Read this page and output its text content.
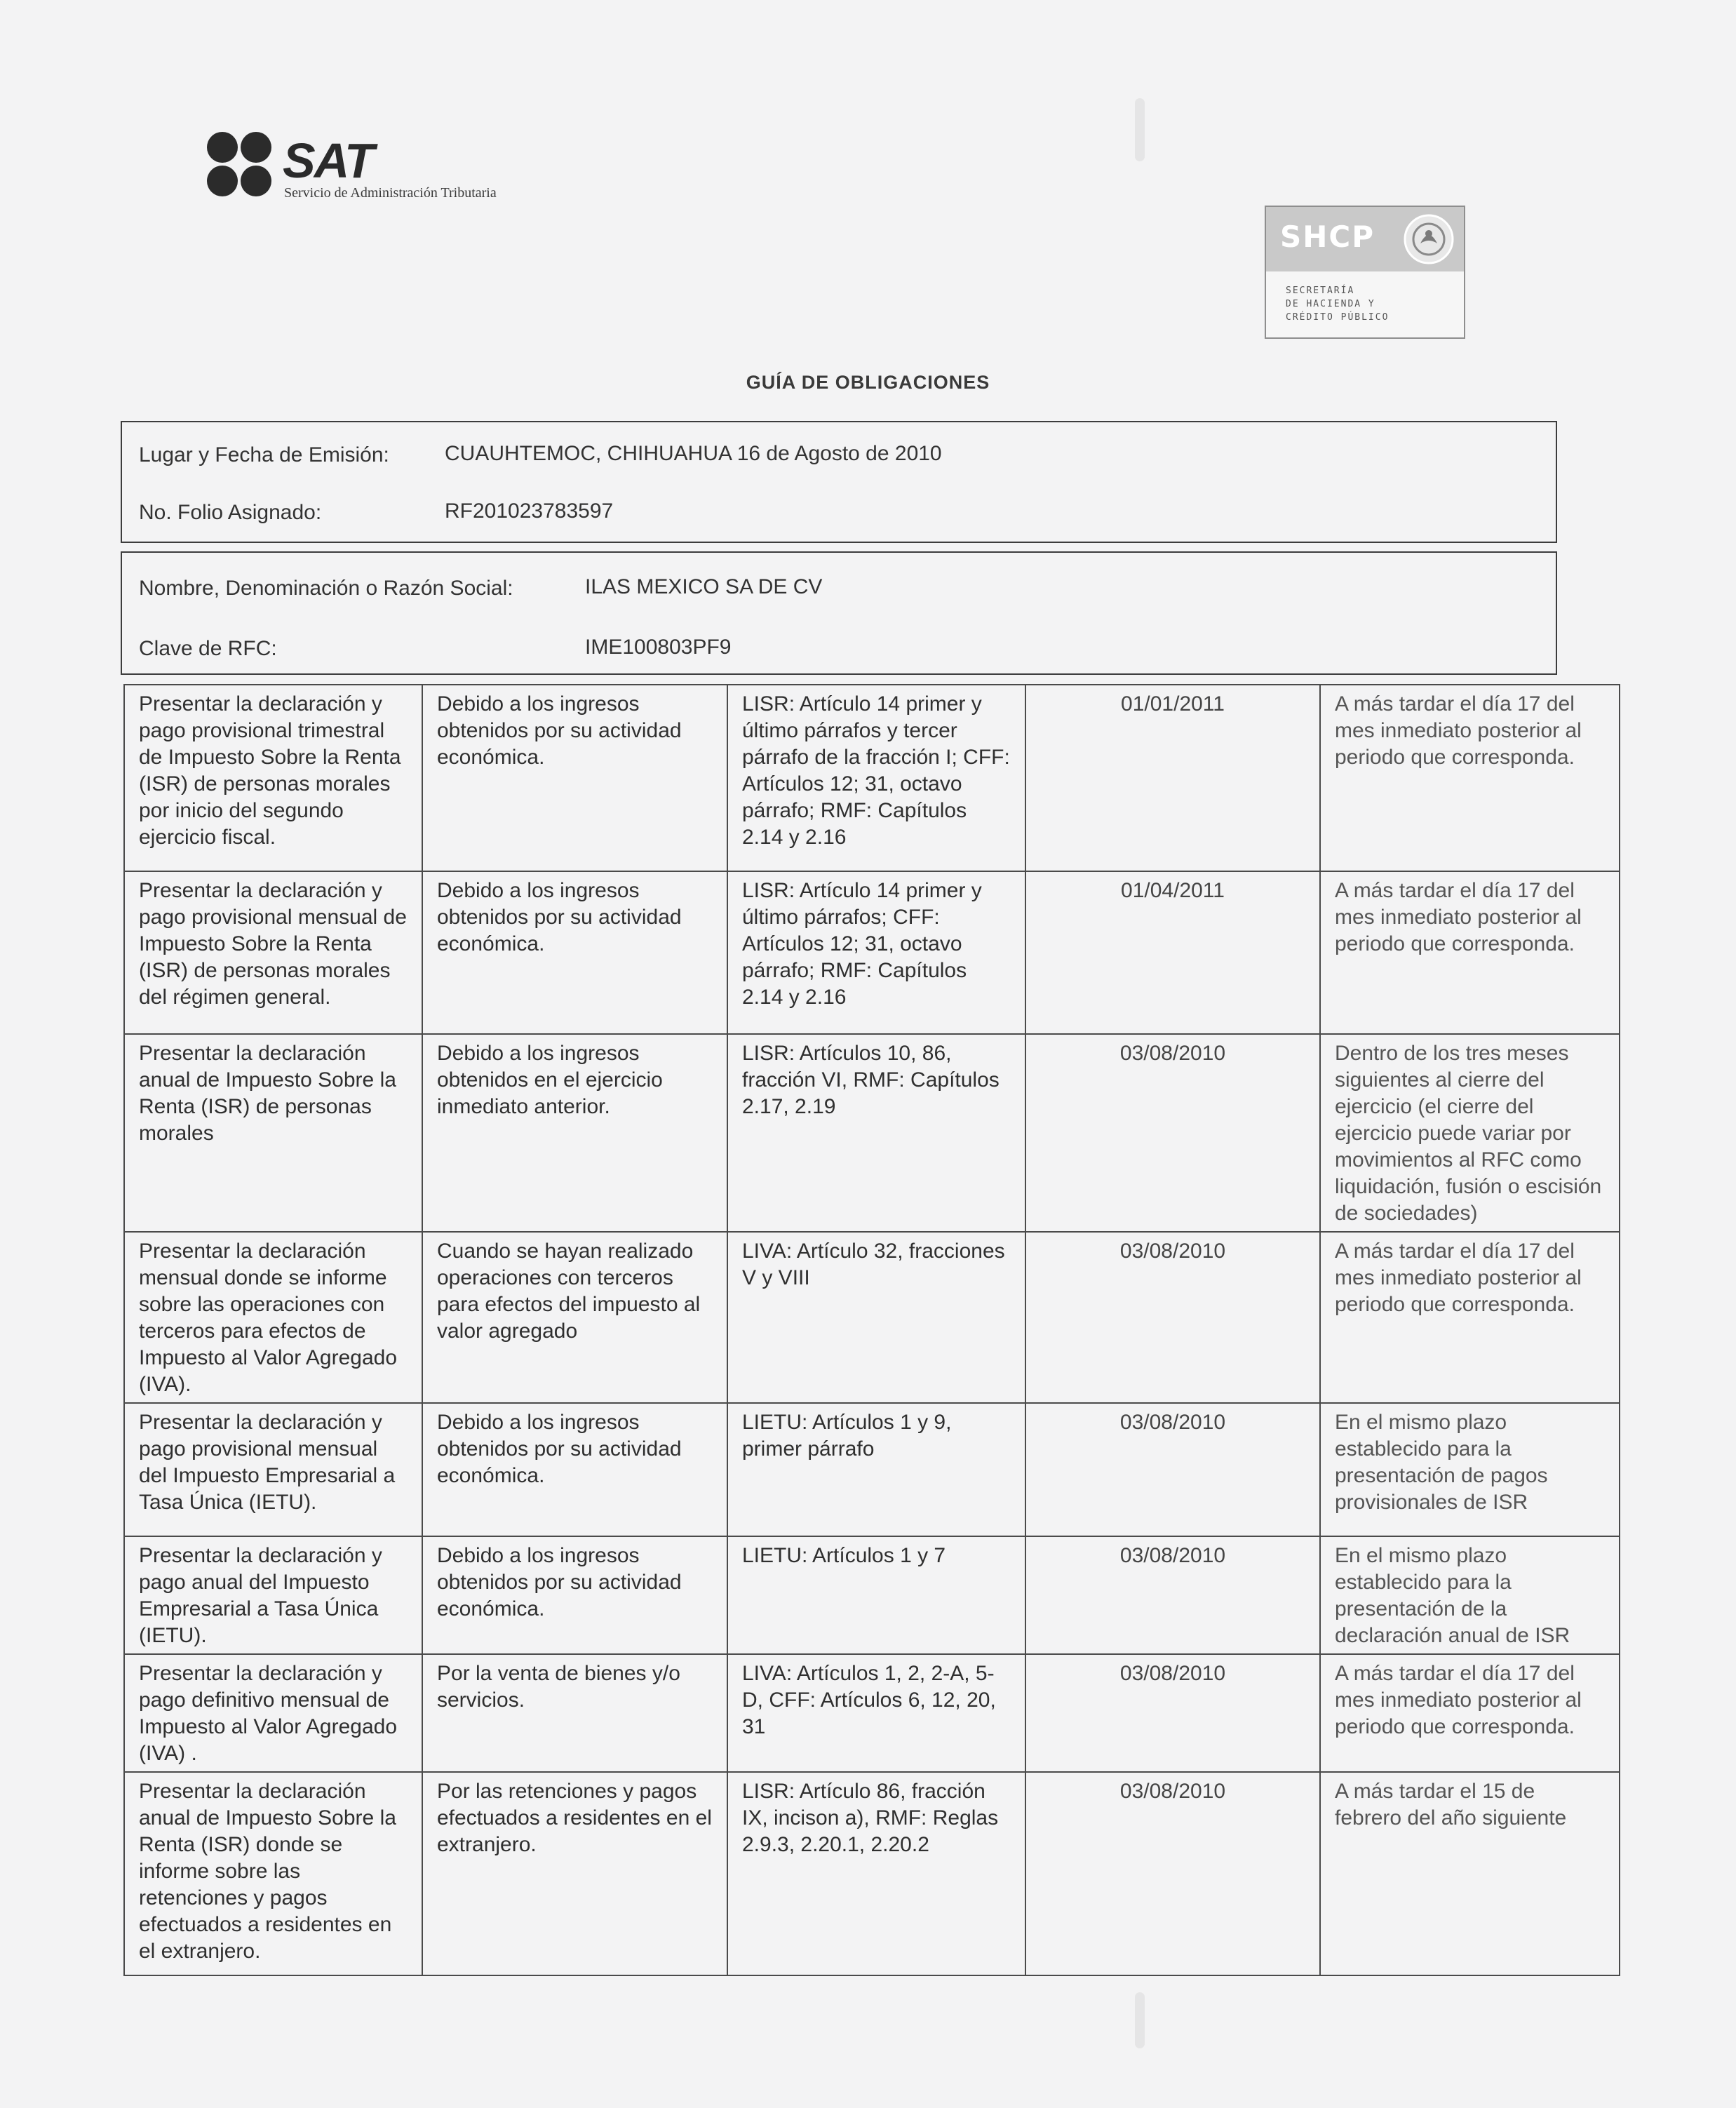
SAT
Servicio de Administración Tributaria
SHCP
SECRETARÍA
DE HACIENDA Y
CRÉDITO PÚBLICO
GUÍA DE OBLIGACIONES
Lugar y Fecha de Emisión:	CUAUHTEMOC, CHIHUAHUA 16 de Agosto de 2010
No. Folio Asignado:	RF201023783597
Nombre, Denominación o Razón Social:	ILAS MEXICO SA DE CV
Clave de RFC:	IME100803PF9
Presentar la declaración y pago provisional trimestral de Impuesto Sobre la Renta (ISR) de personas morales por inicio del segundo ejercicio fiscal.	Debido a los ingresos obtenidos por su actividad económica.	LISR: Artículo 14 primer y último párrafos y tercer párrafo de la fracción I; CFF: Artículos 12; 31, octavo párrafo; RMF: Capítulos 2.14 y 2.16	01/01/2011	A más tardar el día 17 del mes inmediato posterior al periodo que corresponda.
Presentar la declaración y pago provisional mensual de Impuesto Sobre la Renta (ISR) de personas morales del régimen general.	Debido a los ingresos obtenidos por su actividad económica.	LISR: Artículo 14 primer y último párrafos; CFF: Artículos 12; 31, octavo párrafo; RMF: Capítulos 2.14 y 2.16	01/04/2011	A más tardar el día 17 del mes inmediato posterior al periodo que corresponda.
Presentar la declaración anual de Impuesto Sobre la Renta (ISR) de personas morales	Debido a los ingresos obtenidos en el ejercicio inmediato anterior.	LISR: Artículos 10, 86, fracción VI, RMF: Capítulos 2.17, 2.19	03/08/2010	Dentro de los tres meses siguientes al cierre del ejercicio (el cierre del ejercicio puede variar por movimientos al RFC como liquidación, fusión o escisión de sociedades)
Presentar la declaración mensual donde se informe sobre las operaciones con terceros para efectos de Impuesto al Valor Agregado (IVA).	Cuando se hayan realizado operaciones con terceros para efectos del impuesto al valor agregado	LIVA: Artículo 32, fracciones V y VIII	03/08/2010	A más tardar el día 17 del mes inmediato posterior al periodo que corresponda.
Presentar la declaración y pago provisional mensual del Impuesto Empresarial a Tasa Única (IETU).	Debido a los ingresos obtenidos por su actividad económica.	LIETU: Artículos 1 y 9, primer párrafo	03/08/2010	En el mismo plazo establecido para la presentación de pagos provisionales de ISR
Presentar la declaración y pago anual del Impuesto Empresarial a Tasa Única (IETU).	Debido a los ingresos obtenidos por su actividad económica.	LIETU: Artículos 1 y 7	03/08/2010	En el mismo plazo establecido para la presentación de la declaración anual de ISR
Presentar la declaración y pago definitivo mensual de Impuesto al Valor Agregado (IVA) .	Por la venta de bienes y/o servicios.	LIVA: Artículos 1, 2, 2-A, 5-D, CFF: Artículos 6, 12, 20, 31	03/08/2010	A más tardar el día 17 del mes inmediato posterior al periodo que corresponda.
Presentar la declaración anual de Impuesto Sobre la Renta (ISR) donde se informe sobre las retenciones y pagos efectuados a residentes en el extranjero.	Por las retenciones y pagos efectuados a residentes en el extranjero.	LISR: Artículo 86, fracción IX, incison a), RMF: Reglas 2.9.3, 2.20.1, 2.20.2	03/08/2010	A más tardar el 15 de febrero del año siguiente
